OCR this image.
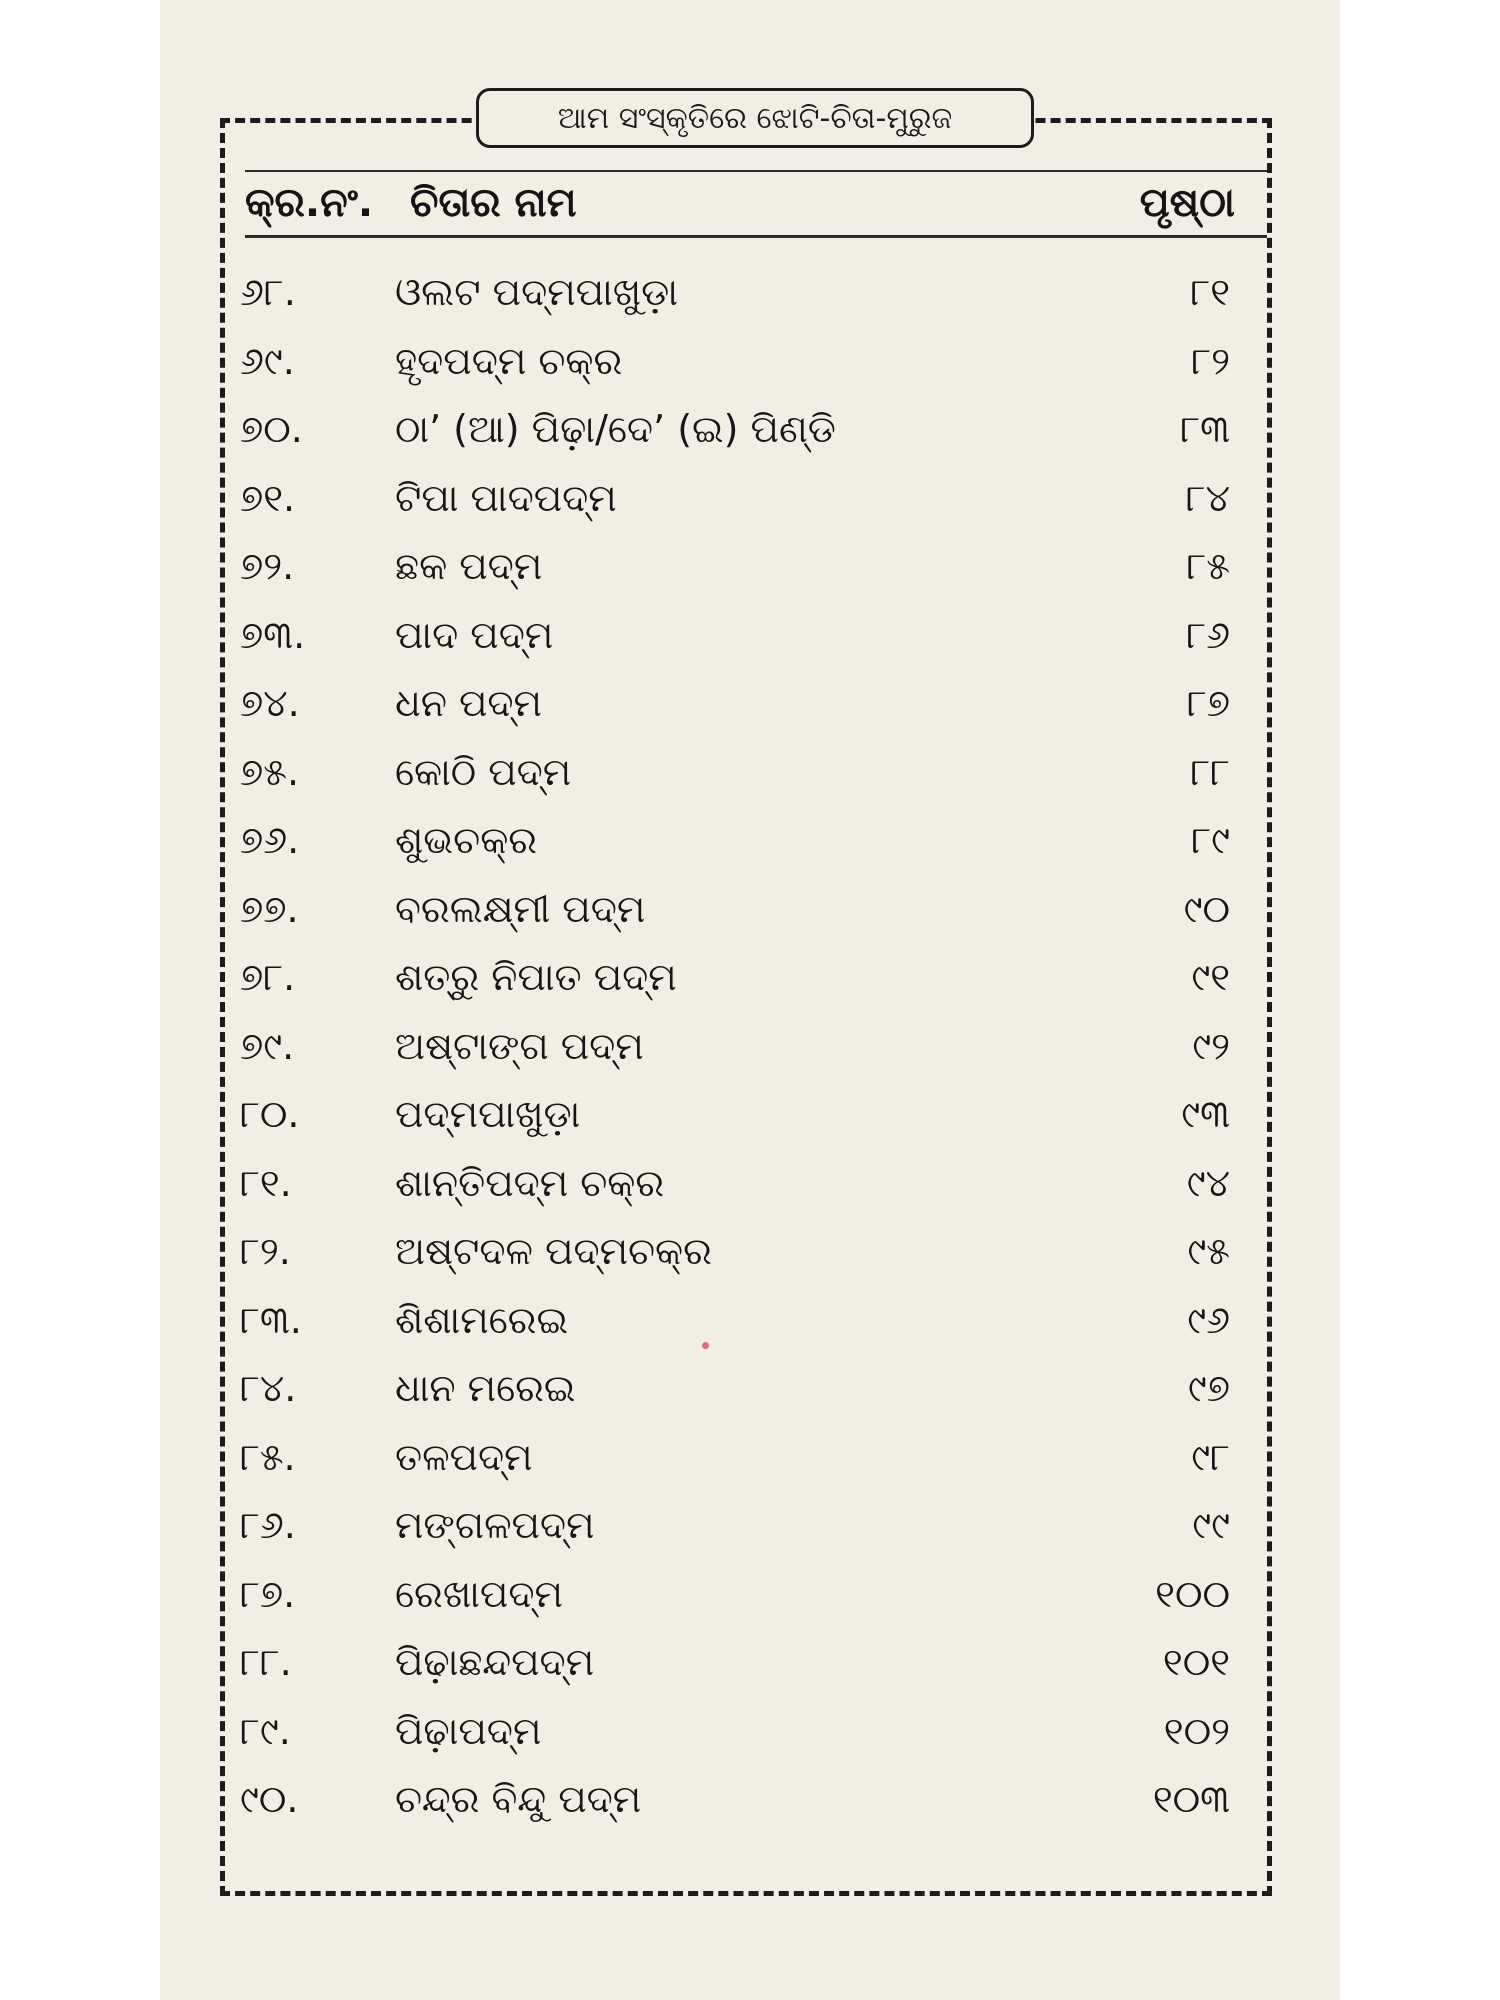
ଆମ ସଂସ୍କୃତିରେ ଝୋଟି-ଚିତା-ମୁରୁଜ
କ୍ର.ନଂ. ଚିତାର ନାମ	ପୃଷ୍ଠା
୬୮.	ଓଲଟ ପଦ୍ମପାଖୁଡ଼ା	୮୧
୬୯.	ହୃଦପଦ୍ମ ଚକ୍ର	୮୨
୭୦. ଠା’ (ଆ) ପିଢ଼ା/ଦେ’ (ଇ) ପିଣ୍ଡି	୮୩
୭୧.	ଟିପା ପାଦପଦ୍ମ	୮୪
୭୨.	ଛକ ପଦ୍ମ	୮୫
୭୩. ପାଦ ପଦ୍ମ	୮୬
୭୪.	ଧନ ପଦ୍ମ	୮୭
୭୫.	କୋଠି ପଦ୍ମ	୮୮
୭୬.	ଶୁଭଚକ୍ର	୮୯
୭୭.	ବରଲକ୍ଷ୍ମୀ ପଦ୍ମ	୯୦
୭୮.	ଶତ୍ରୁ ନିପାତ ପଦ୍ମ	୯୧
୭୯.	ଅଷ୍ଟାଙ୍ଗ ପଦ୍ମ	୯୨
୮୦.	ପଦ୍ମପାଖୁଡ଼ା	୯୩
୮୧.	ଶାନ୍ତିପଦ୍ମ ଚକ୍ର	୯୪
୮୨.	ଅଷ୍ଟଦଳ ପଦ୍ମଚକ୍ର	୯୫
୮୩. ଶିଶାମରେଇ	୯୬
୮୪.	ଧାନ ମରେଇ	୯୭
୮୫.	ତଳପଦ୍ମ	୯୮
୮୬.	ମଙ୍ଗଳପଦ୍ମ	୯୯
୮୭.	ରେଖାପଦ୍ମ	୧୦୦
୮୮.	ପିଢ଼ାଛନ୍ଦପଦ୍ମ	୧୦୧
୮୯.	ପିଢ଼ାପଦ୍ମ	୧୦୨
୯୦.	ଚନ୍ଦ୍ର ବିନ୍ଦୁ ପଦ୍ମ	୧୦୩
